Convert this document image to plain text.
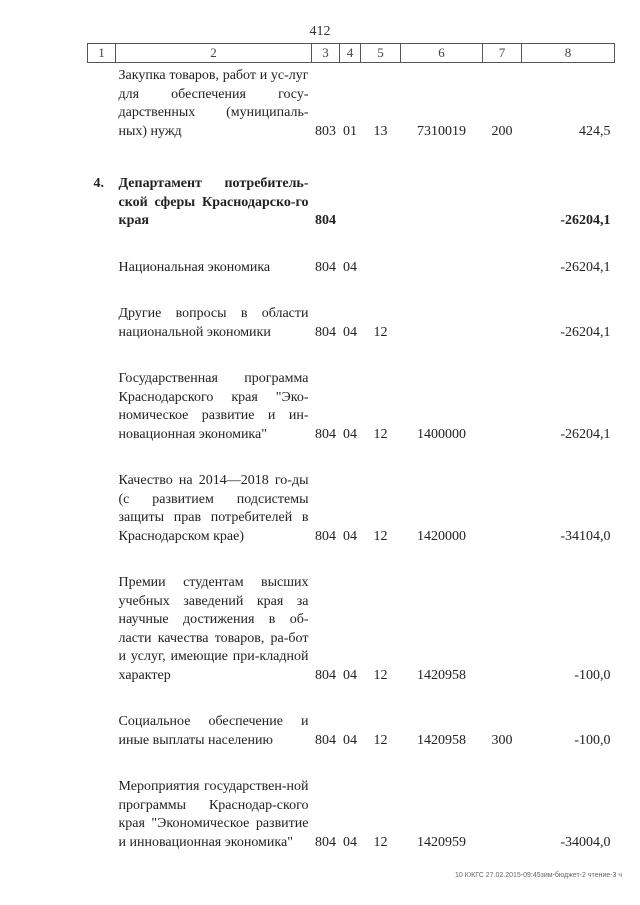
412
1	2	3	4	5	6	7	8

	Закупка товаров, работ и ус-луг для обеспечения госу-дарственных (муниципаль-ных) нужд	803	01	13	7310019	200	424,5

4.	Департамент потребитель-ской сферы Краснодарско-го края	804					-26204,1

	Национальная экономика	804	04				-26204,1

	Другие вопросы в области национальной экономики	804	04	12			-26204,1

	Государственная программа Краснодарского края "Эко-номическое развитие и ин-новационная экономика"	804	04	12	1400000		-26204,1

	Качество на 2014—2018 го-ды (с развитием подсистемы защиты прав потребителей в Краснодарском крае)	804	04	12	1420000		-34104,0

	Премии студентам высших учебных заведений края за научные достижения в об-ласти качества товаров, ра-бот и услуг, имеющие при-кладной характер	804	04	12	1420958		-100,0

	Социальное обеспечение и иные выплаты населению	804	04	12	1420958	300	-100,0

	Мероприятия государствен-ной программы Краснодар-ского края "Экономическое развитие и инновационная экономика"	804	04	12	1420959		-34004,0
10 КЖГС 27.02.2015-09:45зим-бюджет-2 чтение-3 ч
